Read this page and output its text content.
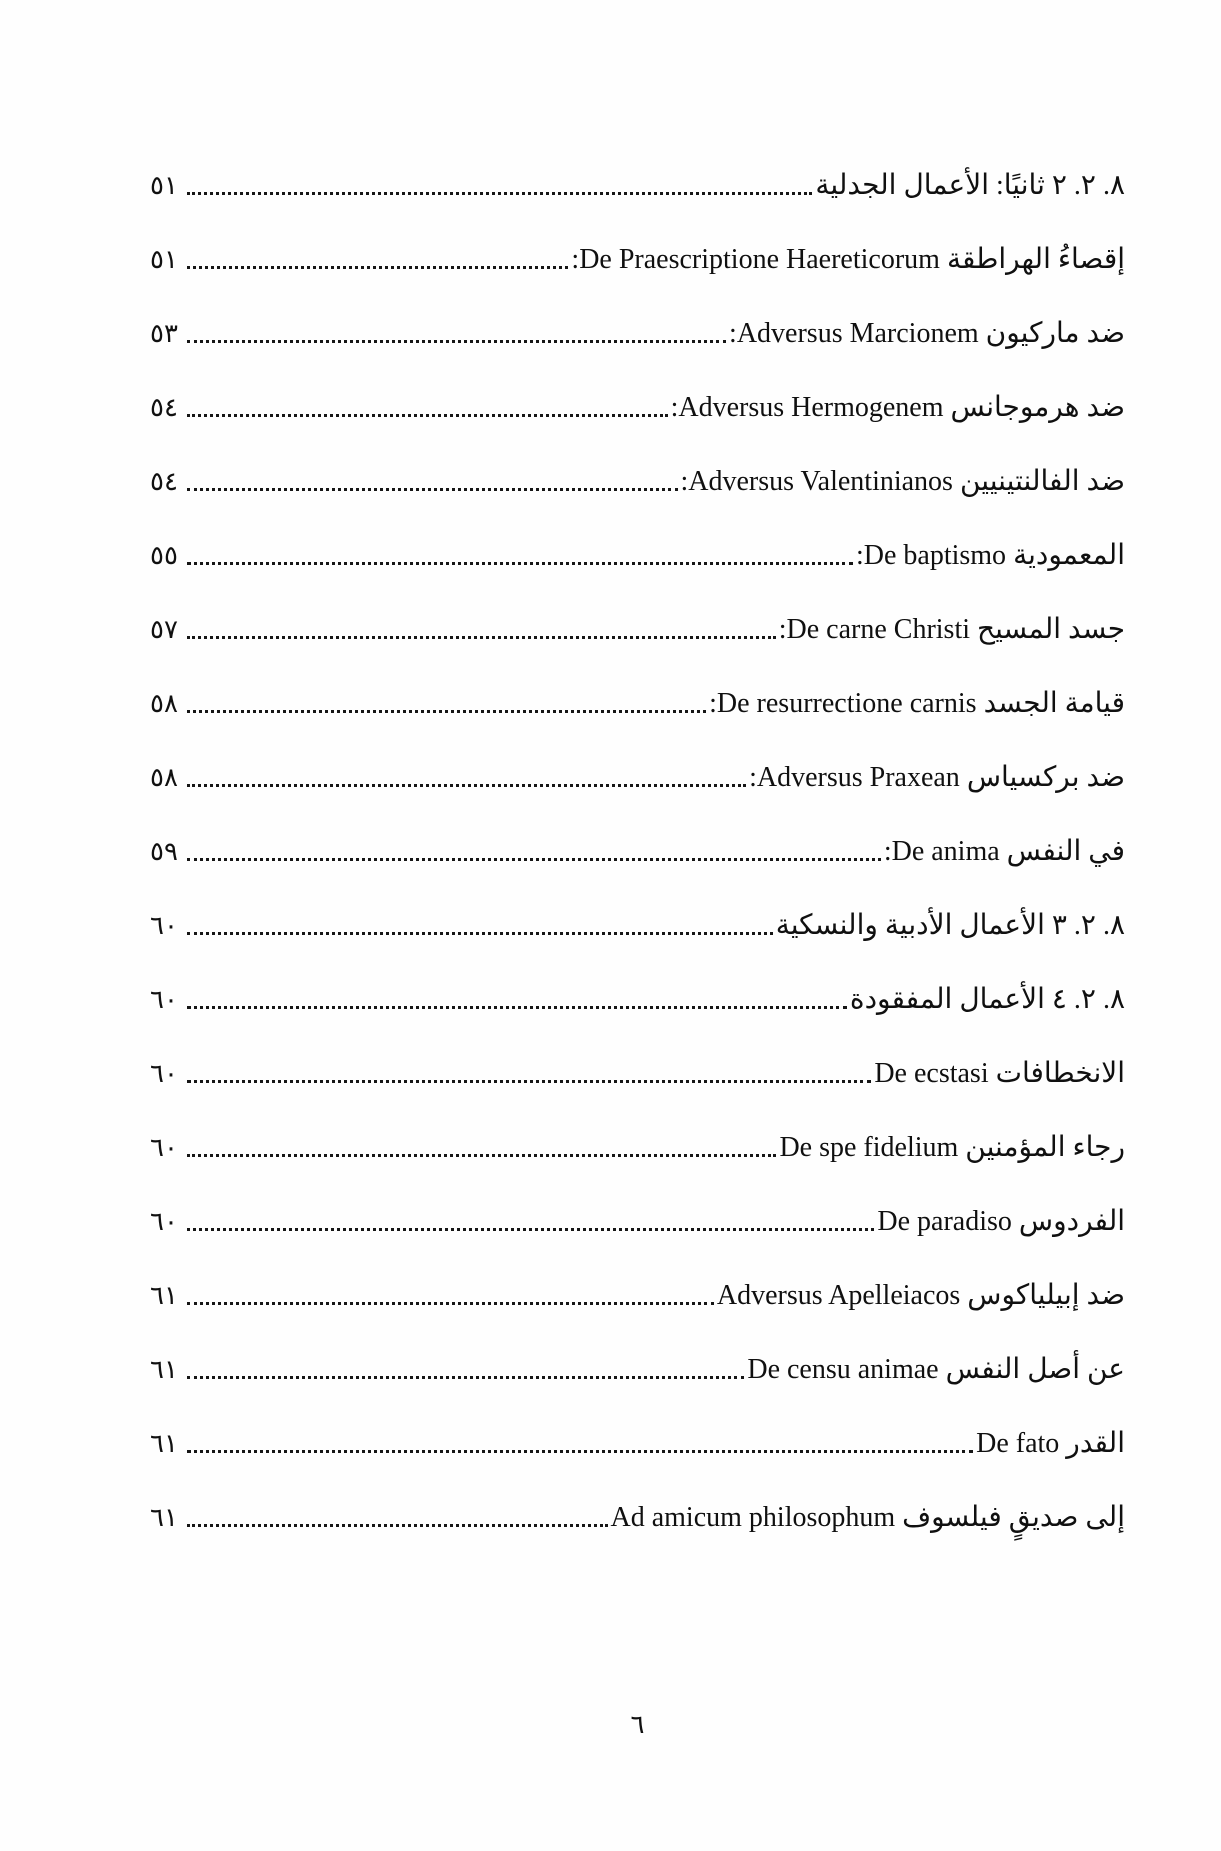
٨. ٢. ٢ ثانيًا: الأعمال الجدلية
٥١
إقصاءُ الهراطقة De Praescriptione Haereticorum:
٥١
ضد ماركيون Adversus Marcionem:
٥٣
ضد هرموجانس Adversus Hermogenem:
٥٤
ضد الفالنتينيين Adversus Valentinianos:
٥٤
المعمودية De baptismo:
٥٥
جسد المسيح De carne Christi:
٥٧
قيامة الجسد De resurrectione carnis:
٥٨
ضد بركسياس Adversus Praxean:
٥٨
في النفس De anima:
٥٩
٨. ٢. ٣ الأعمال الأدبية والنسكية
٦٠
٨. ٢. ٤ الأعمال المفقودة
٦٠
الانخطافات De ecstasi
٦٠
رجاء المؤمنين De spe fidelium
٦٠
الفردوس De paradiso
٦٠
ضد إبيلياكوس Adversus Apelleiacos
٦١
عن أصل النفس De censu animae
٦١
القدر De fato
٦١
إلى صديقٍ فيلسوف Ad amicum philosophum
٦١
٦
